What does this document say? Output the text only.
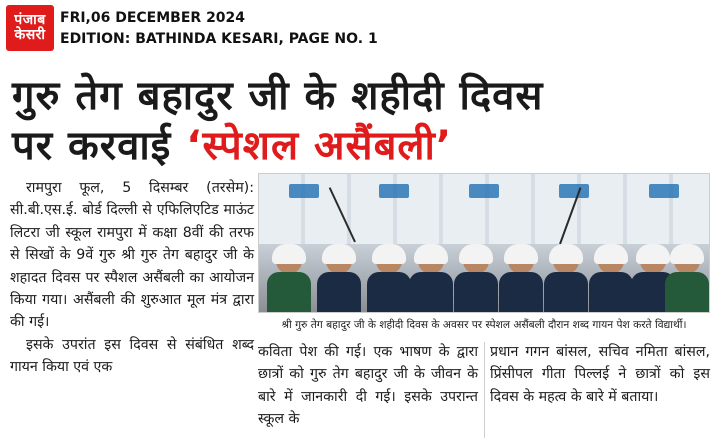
पंजाब
केसरी
FRI,06 DECEMBER 2024
EDITION: BATHINDA KESARI, PAGE NO. 1
गुरु तेग बहादुर जी के शहीदी दिवस
पर करवाई ‘स्पेशल असैंबली’

रामपुरा फूल, 5 दिसम्बर (तरसेम): सी.बी.एस.ई. बोर्ड दिल्ली से एफिलिएटिड माऊंट लिटरा जी स्कूल रामपुरा में कक्षा 8वीं की तरफ से सिखों के 9वें गुरु श्री गुरु तेग बहादुर जी के शहादत दिवस पर स्पैशल असैंबली का आयोजन किया गया। असैंबली की शुरुआत मूल मंत्र द्वारा की गई।

इसके उपरांत इस दिवस से संबंधित शब्द गायन किया एवं एक

श्री गुरु तेग बहादुर जी के शहीदी दिवस के अवसर पर स्पेशल असैंबली दौरान शब्द गायन पेश करते विद्यार्थी।
कविता पेश की गई। एक भाषण के द्वारा छात्रों को गुरु तेग बहादुर जी के जीवन के बारे में जानकारी दी गई। इसके उपरान्त स्कूल के
प्रधान गगन बांसल, सचिव नमिता बांसल, प्रिंसीपल गीता पिल्लई ने छात्रों को इस दिवस के महत्व के बारे में बताया।
